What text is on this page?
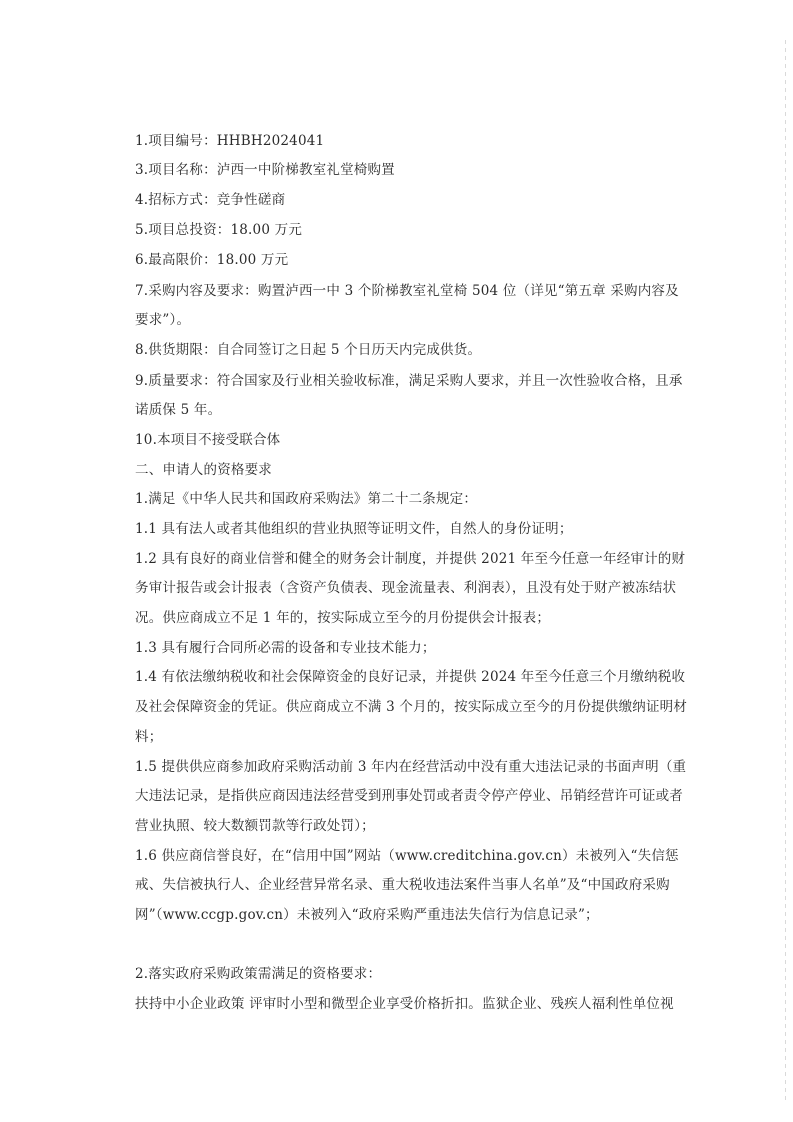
1.项目编号：HHBH2024041
3.项目名称：泸西一中阶梯教室礼堂椅购置
4.招标方式：竞争性磋商
5.项目总投资：18.00 万元
6.最高限价：18.00 万元
7.采购内容及要求：购置泸西一中 3 个阶梯教室礼堂椅 504 位（详见“第五章 采购内容及
要求”）。
8.供货期限：自合同签订之日起 5 个日历天内完成供货。
9.质量要求：符合国家及行业相关验收标准，满足采购人要求，并且一次性验收合格，且承
诺质保 5 年。
10.本项目不接受联合体
二、申请人的资格要求
1.满足《中华人民共和国政府采购法》第二十二条规定：
1.1 具有法人或者其他组织的营业执照等证明文件，自然人的身份证明；
1.2 具有良好的商业信誉和健全的财务会计制度，并提供 2021 年至今任意一年经审计的财
务审计报告或会计报表（含资产负债表、现金流量表、利润表），且没有处于财产被冻结状
况。供应商成立不足 1 年的，按实际成立至今的月份提供会计报表；
1.3 具有履行合同所必需的设备和专业技术能力；
1.4 有依法缴纳税收和社会保障资金的良好记录，并提供 2024 年至今任意三个月缴纳税收
及社会保障资金的凭证。供应商成立不满 3 个月的，按实际成立至今的月份提供缴纳证明材
料；
1.5 提供供应商参加政府采购活动前 3 年内在经营活动中没有重大违法记录的书面声明（重
大违法记录，是指供应商因违法经营受到刑事处罚或者责令停产停业、吊销经营许可证或者
营业执照、较大数额罚款等行政处罚）；
1.6 供应商信誉良好，在“信用中国”网站（www.creditchina.gov.cn）未被列入“失信惩
戒、失信被执行人、企业经营异常名录、重大税收违法案件当事人名单”及“中国政府采购
网”（www.ccgp.gov.cn）未被列入“政府采购严重违法失信行为信息记录”；
2.落实政府采购政策需满足的资格要求：
扶持中小企业政策 评审时小型和微型企业享受价格折扣。监狱企业、残疾人福利性单位视
